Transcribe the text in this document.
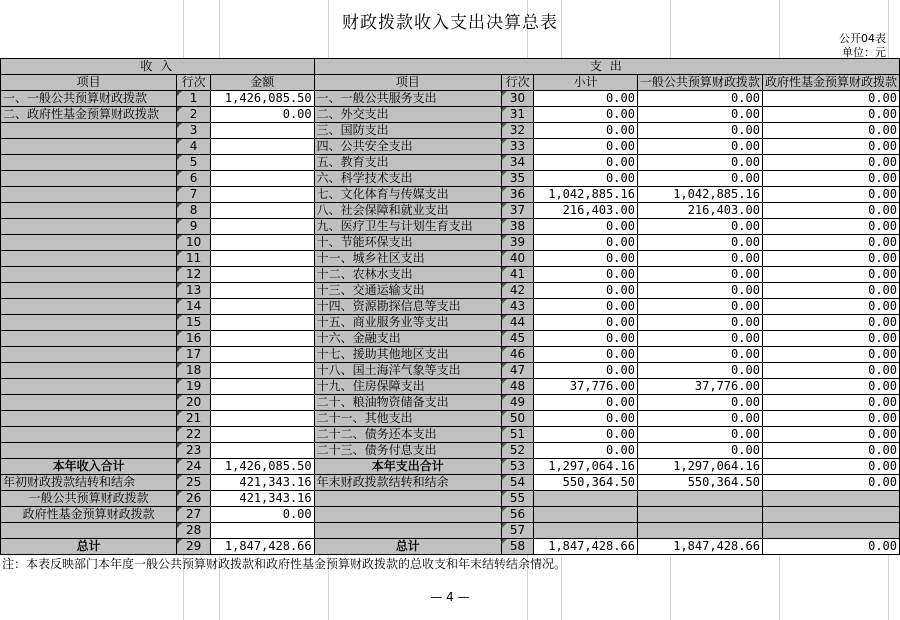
财政拨款收入支出决算总表
公开04表
单位：元
收 入			支 出				
项目	行次	金额	项目	行次	小计	一般公共预算财政拨款	政府性基金预算财政拨款
一、一般公共预算财政拨款	1	1,426,085.50	一、一般公共服务支出	30	0.00	0.00	0.00
二、政府性基金预算财政拨款	2	0.00	二、外交支出	31	0.00	0.00	0.00
	3		三、国防支出	32	0.00	0.00	0.00
	4		四、公共安全支出	33	0.00	0.00	0.00
	5		五、教育支出	34	0.00	0.00	0.00
	6		六、科学技术支出	35	0.00	0.00	0.00
	7		七、文化体育与传媒支出	36	1,042,885.16	1,042,885.16	0.00
	8		八、社会保障和就业支出	37	216,403.00	216,403.00	0.00
	9		九、医疗卫生与计划生育支出	38	0.00	0.00	0.00
	10		十、节能环保支出	39	0.00	0.00	0.00
	11		十一、城乡社区支出	40	0.00	0.00	0.00
	12		十二、农林水支出	41	0.00	0.00	0.00
	13		十三、交通运输支出	42	0.00	0.00	0.00
	14		十四、资源勘探信息等支出	43	0.00	0.00	0.00
	15		十五、商业服务业等支出	44	0.00	0.00	0.00
	16		十六、金融支出	45	0.00	0.00	0.00
	17		十七、援助其他地区支出	46	0.00	0.00	0.00
	18		十八、国土海洋气象等支出	47	0.00	0.00	0.00
	19		十九、住房保障支出	48	37,776.00	37,776.00	0.00
	20		二十、粮油物资储备支出	49	0.00	0.00	0.00
	21		二十一、其他支出	50	0.00	0.00	0.00
	22		二十二、债务还本支出	51	0.00	0.00	0.00
	23		二十三、债务付息支出	52	0.00	0.00	0.00
本年收入合计	24	1,426,085.50	本年支出合计	53	1,297,064.16	1,297,064.16	0.00
年初财政拨款结转和结余	25	421,343.16	年末财政拨款结转和结余	54	550,364.50	550,364.50	0.00
一般公共预算财政拨款	26	421,343.16		55			
政府性基金预算财政拨款	27	0.00		56			
	28			57			
总计	29	1,847,428.66	总计	58	1,847,428.66	1,847,428.66	0.00
注：本表反映部门本年度一般公共预算财政拨款和政府性基金预算财政拨款的总收支和年末结转结余情况。
— 4 —
